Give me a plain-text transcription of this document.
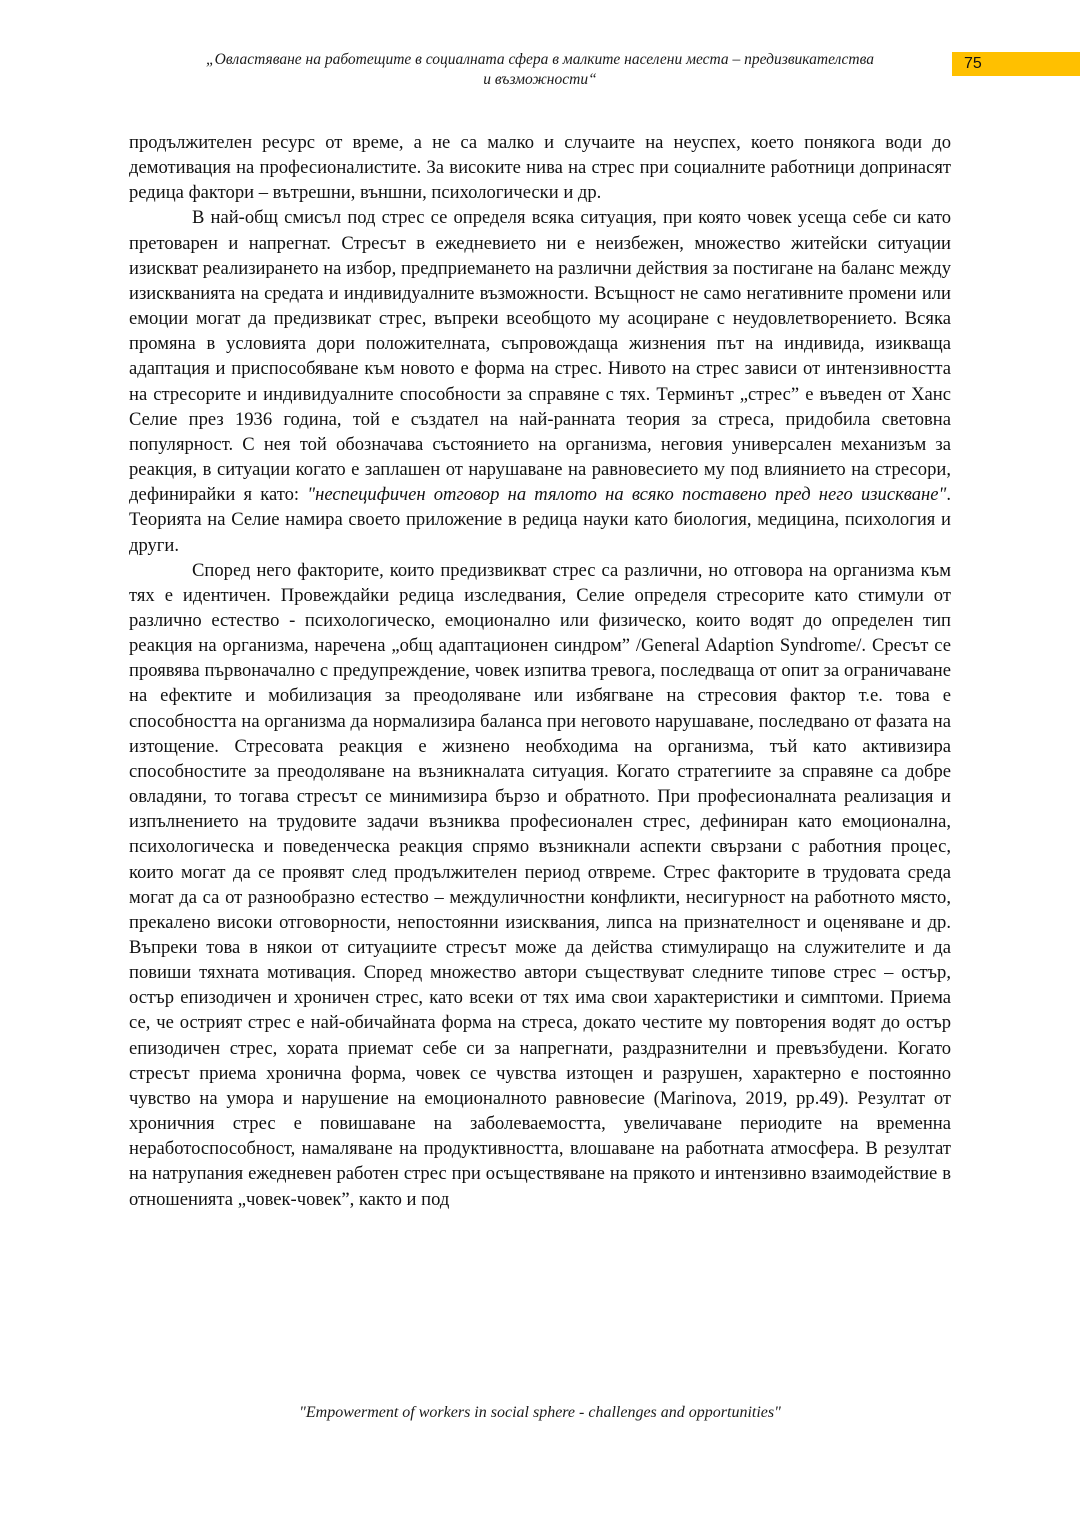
„Овластяване на работещите в социалната сфера в малките населени места – предизвикателства
и възможности“
75

продължителен ресурс от време, а не са малко и случаите на неуспех, което понякога води до демотивация на професионалистите. За високите нива на стрес при социалните работници допринасят редица фактори – вътрешни, външни, психологически и др.

В най-общ смисъл под стрес се определя всяка ситуация, при която човек усеща себе си като претоварен и напрегнат. Стресът в ежедневието ни е неизбежен, множество житейски ситуации изискват реализирането на избор, предприемането на различни действия за постигане на баланс между изискванията на средата и индивидуалните възможности. Всъщност не само негативните промени или емоции могат да предизвикат стрес, въпреки всеобщото му асоциране с неудовлетворението. Всяка промяна в условията дори положителната, съпровождаща жизнения път на индивида, изикваща адаптация и приспособяване към новото е форма на стрес. Нивото на стрес зависи от интензивността на стресорите и индивидуалните способности за справяне с тях. Терминът „стрес” е въведен от Ханс Селие през 1936 година, той е създател на най-ранната теория за стреса, придобила световна популярност. С нея той обозначава състоянието на организма, неговия универсален механизъм за реакция, в ситуации когато е заплашен от нарушаване на равновесието му под влиянието на стресори, дефинирайки я като: "неспецифичен отговор на тялото на всяко поставено пред него изискване". Теорията на Селие намира своето приложение в редица науки като биология, медицина, психология и други.

Според него факторите, които предизвикват стрес са различни, но отговора на организма към тях е идентичен. Провеждайки редица изследвания, Селие определя стресорите като стимули от различно естество - психологическо, емоционално или физическо, които водят до определен тип реакция на организма, наречена „общ адаптационен синдром” /General Adaption Syndrome/. Сресът се проявява първоначално с предупреждение, човек изпитва тревога, последваща от опит за ограничаване на ефектите и мобилизация за преодоляване или избягване на стресовия фактор т.е. това е способността на организма да нормализира баланса при неговото нарушаване, последвано от фазата на изтощение. Стресовата реакция е жизнено необходима на организма, тъй като активизира способностите за преодоляване на възникналата ситуация. Когато стратегиите за справяне са добре овладяни, то тогава стресът се минимизира бързо и обратното. При професионалната реализация и изпълнението на трудовите задачи възниква професионален стрес, дефиниран като емоционална, психологическа и поведенческа реакция спрямо възникнали аспекти свързани с работния процес, които могат да се проявят след продължителен период отвреме. Стрес факторите в трудовата среда могат да са от разнообразно естество – междуличностни конфликти, несигурност на работното място, прекалено високи отговорности, непостоянни изисквания, липса на признателност и оценяване и др. Въпреки това в някои от ситуациите стресът може да действа стимулиращо на служителите и да повиши тяхната мотивация. Според множество автори съществуват следните типове стрес – остър, остър епизодичен и хроничен стрес, като всеки от тях има свои характеристики и симптоми. Приема се, че острият стрес е най-обичайната форма на стреса, докато честите му повторения водят до остър епизодичен стрес, хората приемат себе си за напрегнати, раздразнителни и превъзбудени. Когато стресът приема хронична форма, човек се чувства изтощен и разрушен, характерно е постоянно чувство на умора и нарушение на емоционалното равновесие (Marinova, 2019, pp.49). Резултат от хроничния стрес е повишаване на заболеваемостта, увеличаване периодите на временна неработоспособност, намаляване на продуктивността, влошаване на работната атмосфера. В резултат на натрупания ежедневен работен стрес при осъществяване на прякото и интензивно взаимодействие в отношенията „човек-човек”, както и под

"Empowerment of workers in social sphere - challenges and opportunities"
